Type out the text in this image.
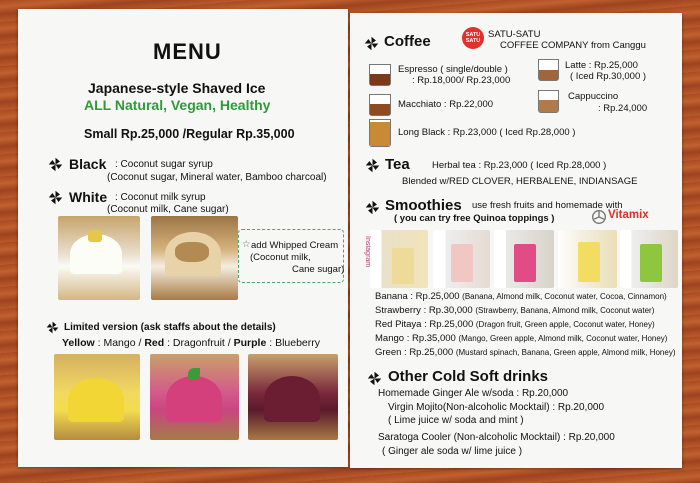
MENU
Japanese-style Shaved Ice
ALL Natural, Vegan, Healthy
Small Rp.25,000 /Regular Rp.35,000
Black : Coconut sugar syrup
(Coconut sugar, Mineral water, Bamboo charcoal)
White : Coconut milk syrup
(Coconut milk, Cane sugar)
☆ add Whipped Cream
(Coconut milk,
Cane sugar)
Limited version (ask staffs about the details)
Yellow : Mango / Red : Dragonfruit / Purple : Blueberry
Coffee	SATU SATU
SATU-SATU
COFFEE COMPANY from Canggu
Espresso ( single/double )
: Rp.18,000/ Rp.23,000
Latte : Rp.25,000
( Iced Rp.30,000 )
Macchiato : Rp.22,000
Cappuccino
: Rp.24,000
Long Black : Rp.23,000 ( Iced Rp.28,000 )
Tea Herbal tea : Rp.23,000 ( Iced Rp.28,000 )
Blended w/RED CLOVER, HERBALENE, INDIANSAGE
Smoothies use fresh fruits and homemade with
( you can try free Quinoa toppings )	Vitamix
Instagram
Banana : Rp.25,000 (Banana, Almond milk, Coconut water, Cocoa, Cinnamon)
Strawberry : Rp.30,000 (Strawberry, Banana, Almond milk, Coconut water)
Red Pitaya : Rp.25,000 (Dragon fruit, Green apple, Coconut water, Honey)
Mango : Rp.35,000 (Mango, Green apple, Almond milk, Coconut water, Honey)
Green : Rp.25,000 (Mustard spinach, Banana, Green apple, Almond milk, Honey)
Other Cold Soft drinks
Homemade Ginger Ale w/soda : Rp.20,000
Virgin Mojito(Non-alcoholic Mocktail) : Rp.20,000
( Lime juice w/ soda and mint )
Saratoga Cooler (Non-alcoholic Mocktail) : Rp.20,000
( Ginger ale soda w/ lime juice )
